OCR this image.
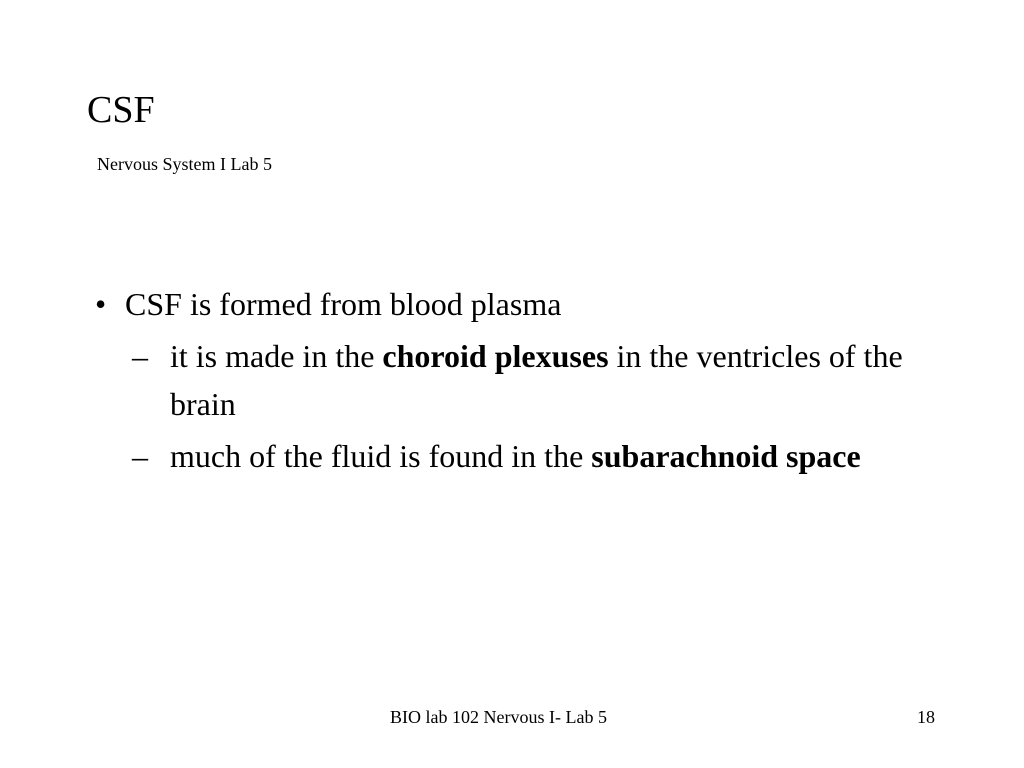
CSF
Nervous System I Lab 5
• CSF is formed from blood plasma
– it is made in the choroid plexuses in the ventricles of the brain
– much of the fluid is found in the subarachnoid space
BIO lab 102 Nervous I- Lab 5	18
